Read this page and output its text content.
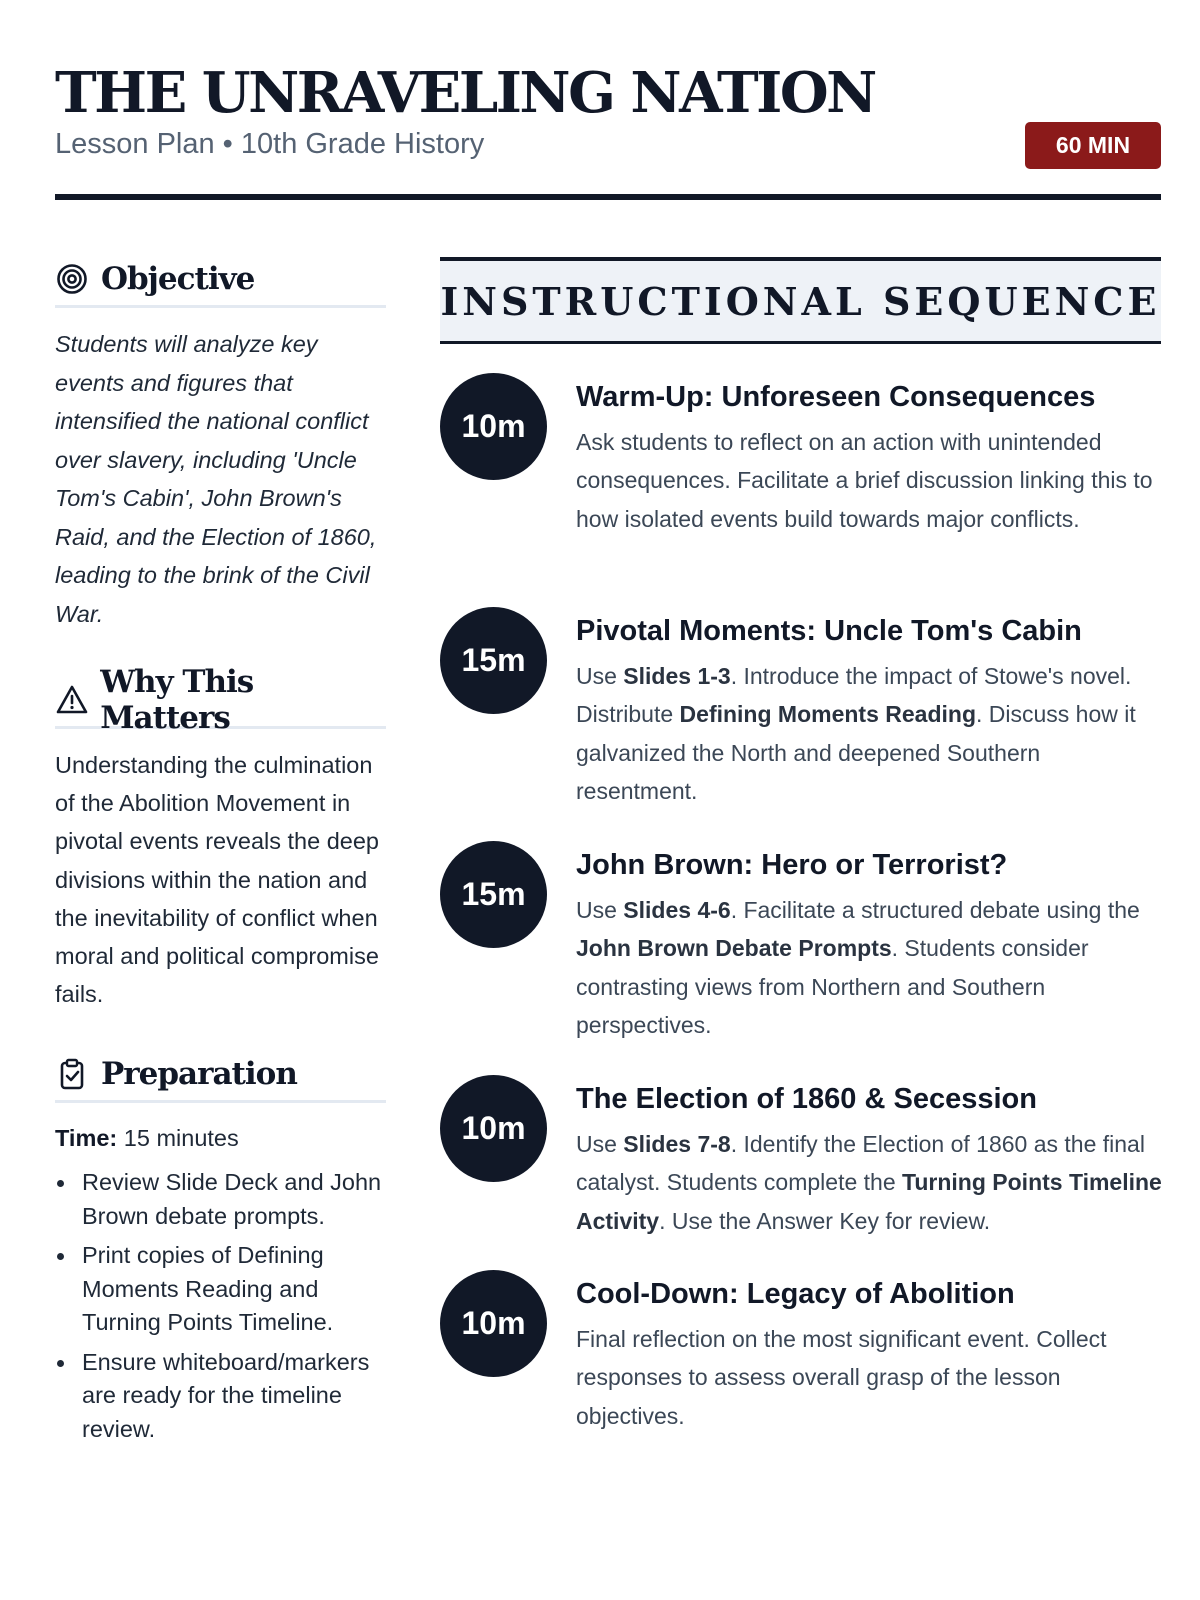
THE UNRAVELING NATION
Lesson Plan • 10th Grade History	60 MIN
Objective

Students will analyze key events and figures that intensified the national conflict over slavery, including 'Uncle Tom's Cabin', John Brown's Raid, and the Election of 1860, leading to the brink of the Civil War.

Why This Matters

Understanding the culmination of the Abolition Movement in pivotal events reveals the deep divisions within the nation and the inevitability of conflict when moral and political compromise fails.

Preparation
Time: 15 minutes
Review Slide Deck and John Brown debate prompts.
Print copies of Defining Moments Reading and Turning Points Timeline.
Ensure whiteboard/markers are ready for the timeline review.
INSTRUCTIONAL SEQUENCE
10m
Warm-Up: Unforeseen Consequences
Ask students to reflect on an action with unintended consequences. Facilitate a brief discussion linking this to how isolated events build towards major conflicts.
15m
Pivotal Moments: Uncle Tom's Cabin
Use Slides 1-3. Introduce the impact of Stowe's novel. Distribute Defining Moments Reading. Discuss how it galvanized the North and deepened Southern resentment.
15m
John Brown: Hero or Terrorist?
Use Slides 4-6. Facilitate a structured debate using the John Brown Debate Prompts. Students consider contrasting views from Northern and Southern perspectives.
10m
The Election of 1860 & Secession
Use Slides 7-8. Identify the Election of 1860 as the final catalyst. Students complete the Turning Points Timeline Activity. Use the Answer Key for review.
10m
Cool-Down: Legacy of Abolition
Final reflection on the most significant event. Collect responses to assess overall grasp of the lesson objectives.
